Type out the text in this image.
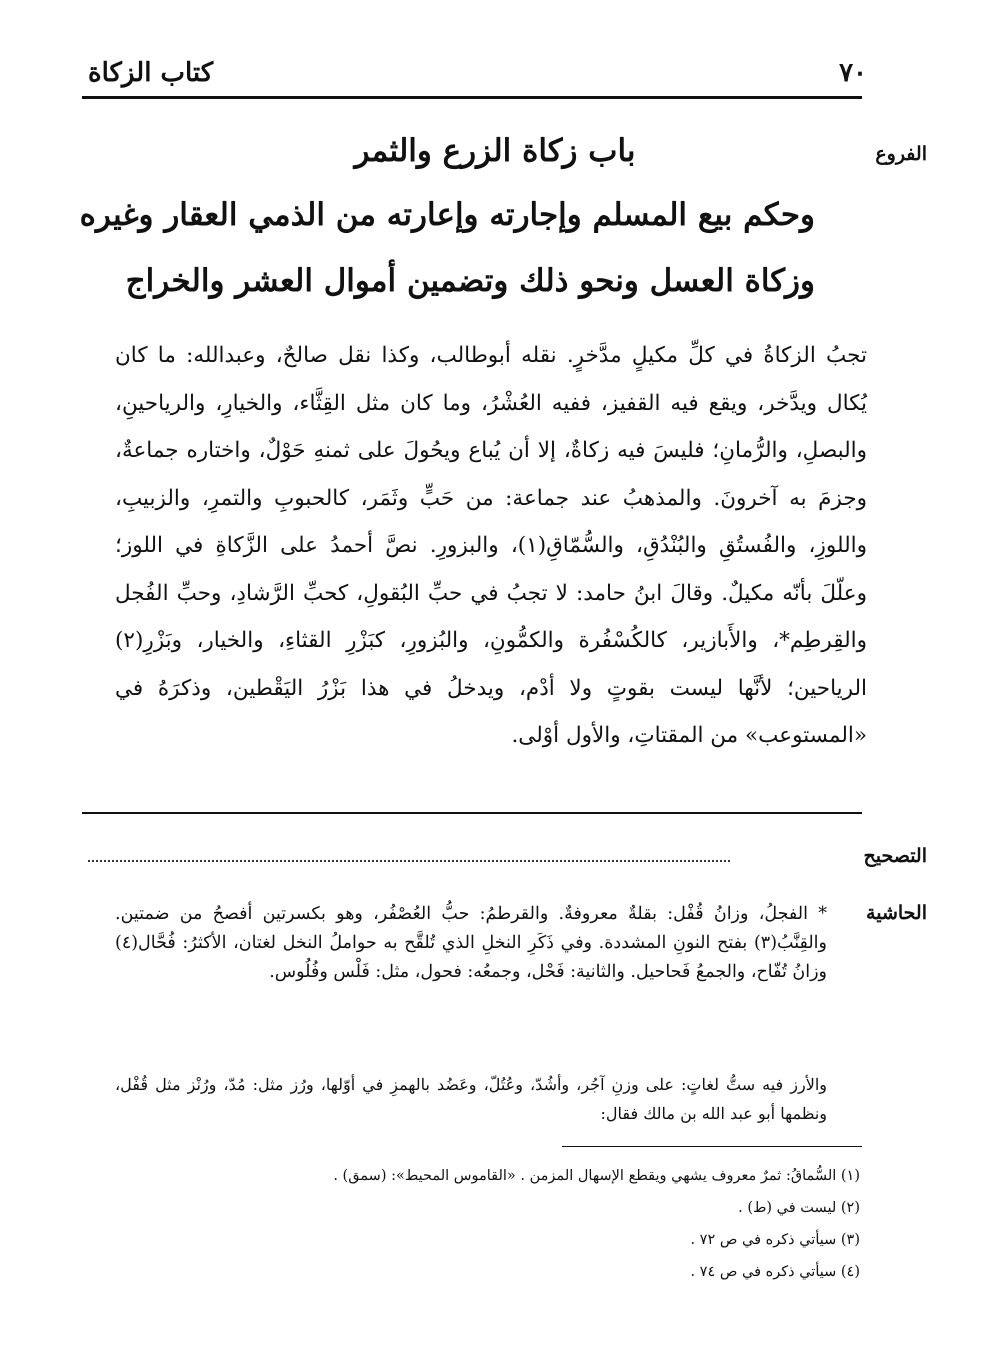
٧٠
كتاب الزكاة
الفروع
التصحيح
الحاشية
باب زكاة الزرع والثمر
وحكم بيع المسلم وإجارته وإعارته من الذمي العقار وغيره
وزكاة العسل ونحو ذلك وتضمين أموال العشر والخراج
تجبُ الزكاةُ في كلِّ مكيلٍ مدَّخرٍ. نقله أبوطالب، وكذا نقل صالحٌ، وعبدالله: ما كان يُكال ويدَّخر، ويقع فيه القفيز، ففيه العُشْرُ، وما كان مثل القِثَّاء، والخيارِ، والرياحينِ، والبصلِ، والرُّمانِ؛ فليسَ فيه زكاةٌ، إلا أن يُباع ويحُولَ على ثمنهِ حَوْلٌ، واختاره جماعةٌ، وجزمَ به آخرونَ. والمذهبُ عند جماعة: من حَبٍّ وثَمَر، كالحبوبِ والتمرِ، والزبيبِ، واللوزِ، والفُستُقِ والبُنْدُقِ، والسُّمّاقِ(١)، والبزورِ. نصَّ أحمدُ على الزَّكاةِ في اللوز؛ وعلّلَ بأنّه مكيلٌ. وقالَ ابنُ حامد: لا تجبُ في حبِّ البُقولِ، كحبِّ الرَّشادِ، وحبِّ الفُجل والقِرطِم*، والأَبازير، كالكُسْفُرة والكمُّونِ، والبُزورِ، كبَزْرِ القثاءِ، والخيار، وبَزْرِ(٢) الرياحين؛ لأنَّها ليست بقوتٍ ولا أدْم، ويدخلُ في هذا بَزْرُ اليَقْطين، وذكرَهُ في «المستوعب» من المقتاتِ، والأول أوْلى.

* الفجلُ، وزانُ قُفْل: بقلةٌ معروفةٌ. والقرطمُ: حبُّ العُصْفُر، وهو بكسرتين أفصحُ من ضمتين. والقِنَّبُ(٣) بفتح النونِ المشددة. وفي ذَكَرِ النخلِ الذي تُلقَّح به حواملُ النخل لغتان، الأكثرُ: فُحَّال(٤) وزانُ تُفّاح، والجمعُ فَحاحيل. والثانية: فَحْل، وجمعُه: فحول، مثل: فَلْس وفُلُوس.

والأرز فيه ستُّ لغاتٍ: على وزنِ آجُر، وأشُدّ، وعُتُلّ، وعَضُد بالهمزِ في أوّلها، ورُز مثل: مُدّ، ورُنْز مثل قُفْل، ونظمها أبو عبد الله بن مالك فقال:

(١) السُّماقُ: ثمرٌ معروف يشهي ويقطع الإسهال المزمن . «القاموس المحيط»: (سمق) .

(٢) ليست في (ط) .

(٣) سيأتي ذكره في ص ٧٢ .

(٤) سيأتي ذكره في ص ٧٤ .
